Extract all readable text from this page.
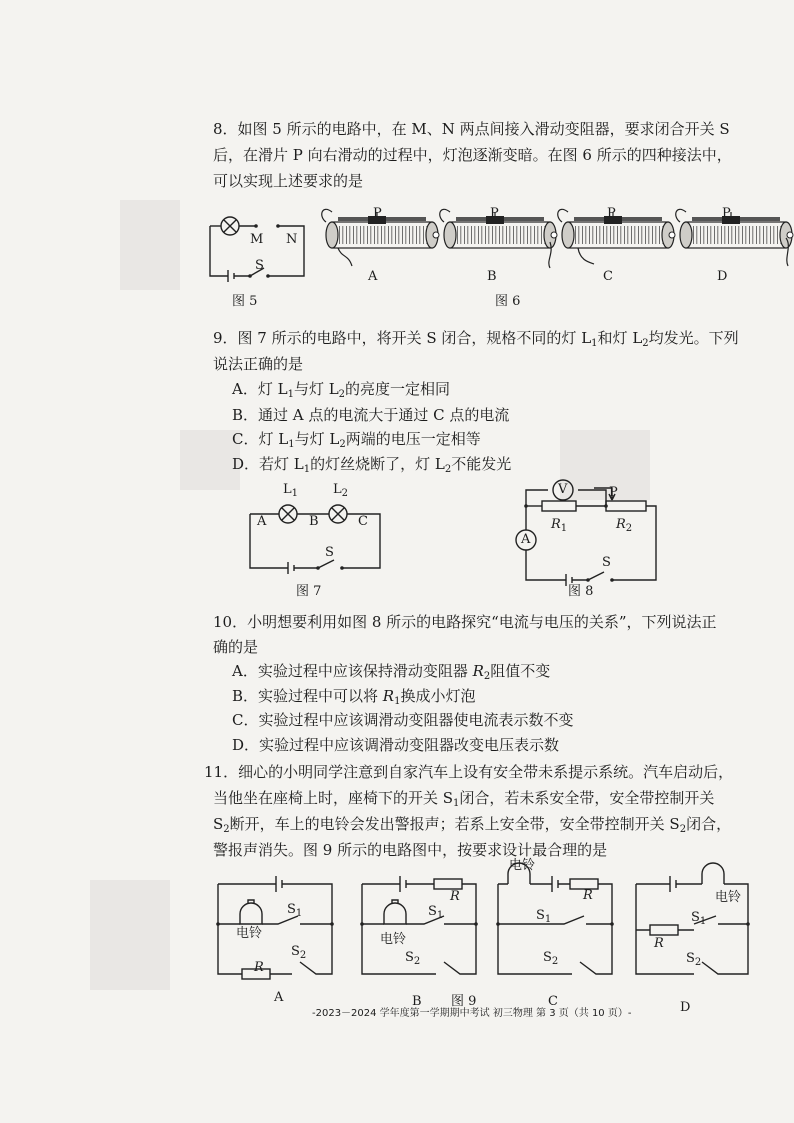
8．如图 5 所示的电路中，在 M、N 两点间接入滑动变阻器，要求闭合开关 S
后，在滑片 P 向右滑动的过程中，灯泡逐渐变暗。在图 6 所示的四种接法中，
可以实现上述要求的是
M N
S
图 5
P	P	P	P
A	B	C	D
图 6
9．图 7 所示的电路中，将开关 S 闭合，规格不同的灯 $L_1$和灯 $L_2$均发光。下列
说法正确的是
A．灯 $L_1$与灯 $L_2$的亮度一定相同
B．通过 A 点的电流大于通过 C 点的电流
C．灯 $L_1$与灯 $L_2$两端的电压一定相等
D．若灯 $L_1$的灯丝烧断了，灯 $L_2$不能发光
$L_1$	$L_2$
A	B	C
S
图 7
V
A
P
$R_1$	$R_2$
S
图 8
10．小明想要利用如图 8 所示的电路探究“电流与电压的关系”，下列说法正
确的是
A．实验过程中应该保持滑动变阻器 $R_2$阻值不变
B．实验过程中可以将 $R_1$换成小灯泡
C．实验过程中应该调滑动变阻器使电流表示数不变
D．实验过程中应该调滑动变阻器改变电压表示数
11．细心的小明同学注意到自家汽车上设有安全带未系提示系统。汽车启动后，
当他坐在座椅上时，座椅下的开关 $S_1$闭合，若未系安全带，安全带控制开关
$S_2$断开，车上的电铃会发出警报声；若系上安全带，安全带控制开关 $S_2$闭合，
警报声消失。图 9 所示的电路图中，按要求设计最合理的是
电铃
$S_1$
$S_2$
R
A
电铃
$S_1$
$S_2$
R
B 图 9
电铃
R
$S_1$
$S_2$
C
电铃
$S_1$
R
$S_2$
D
-2023－2024 学年度第一学期期中考试 初三物理 第 3 页（共 10 页）-
